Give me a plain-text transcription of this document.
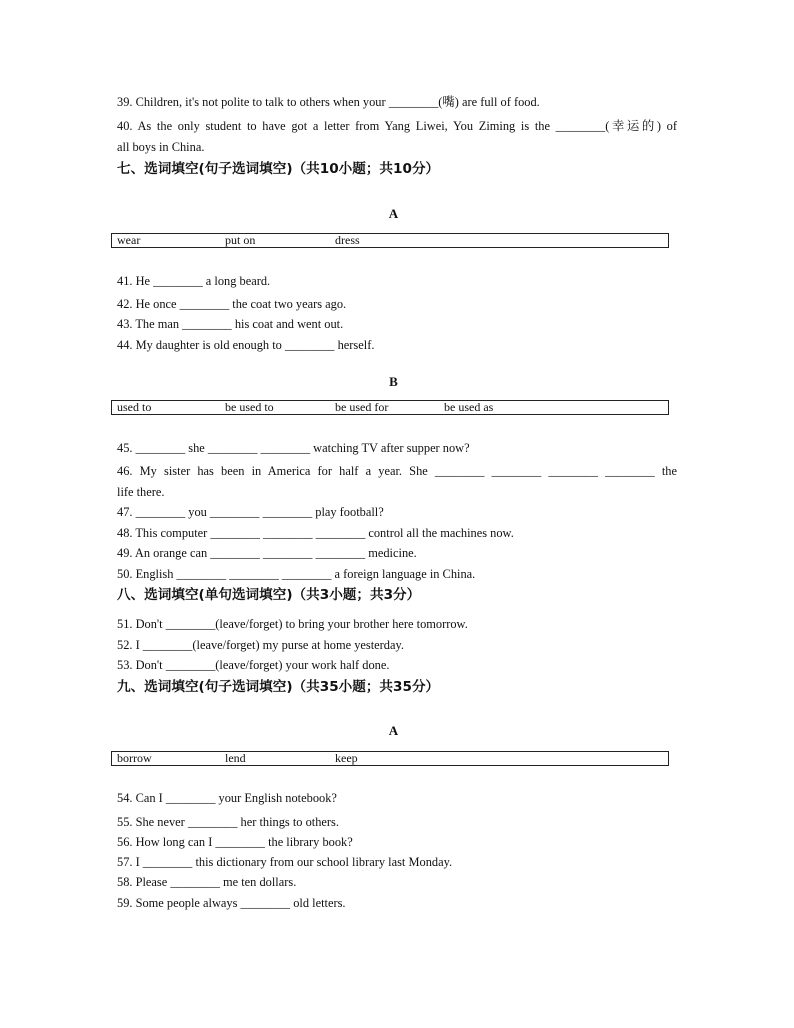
39. Children, it's not polite to talk to others when your ________(嘴) are full of food.
40. As the only student to have got a letter from Yang Liwei, You Ziming is the ________(幸运的) of
all boys in China.
七、选词填空(句子选词填空)（共10小题；共10分）
A
wear	put on	dress
41. He ________ a long beard.
42. He once ________ the coat two years ago.
43. The man ________ his coat and went out.
44. My daughter is old enough to ________ herself.
B
used to	be used to	be used for	be used as
45. ________ she ________ ________ watching TV after supper now?
46. My sister has been in America for half a year. She ________ ________ ________ ________ the
life there.
47. ________ you ________ ________ play football?
48. This computer ________ ________ ________ control all the machines now.
49. An orange can ________ ________ ________ medicine.
50. English ________ ________ ________ a foreign language in China.
八、选词填空(单句选词填空)（共3小题；共3分）
51. Don't ________(leave/forget) to bring your brother here tomorrow.
52. I ________(leave/forget) my purse at home yesterday.
53. Don't ________(leave/forget) your work half done.
九、选词填空(句子选词填空)（共35小题；共35分）
A
borrow	lend	keep
54. Can I ________ your English notebook?
55. She never ________ her things to others.
56. How long can I ________ the library book?
57. I ________ this dictionary from our school library last Monday.
58. Please ________ me ten dollars.
59. Some people always ________ old letters.
